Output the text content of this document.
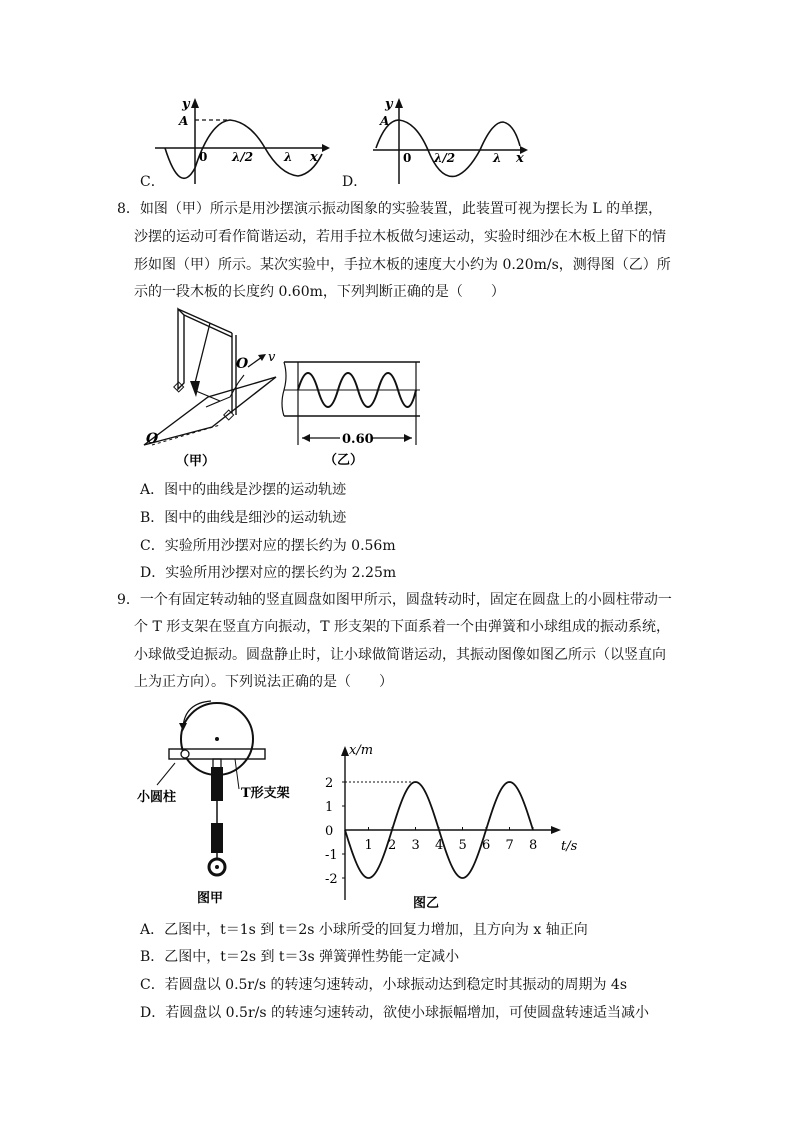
y
A
0 λ/2	λ x
C．
y
A
0 λ/2	λ x
D．
8．如图（甲）所示是用沙摆演示振动图象的实验装置，此装置可视为摆长为 L 的单摆，
沙摆的运动可看作简谐运动，若用手拉木板做匀速运动，实验时细沙在木板上留下的情
形如图（甲）所示。某次实验中，手拉木板的速度大小约为 0.20m/s，测得图（乙）所
示的一段木板的长度约 0.60m，下列判断正确的是（　　）
O v
O
（甲）
0.60
（乙）
A．图中的曲线是沙摆的运动轨迹
B．图中的曲线是细沙的运动轨迹
C．实验所用沙摆对应的摆长约为 0.56m
D．实验所用沙摆对应的摆长约为 2.25m
9．一个有固定转动轴的竖直圆盘如图甲所示，圆盘转动时，固定在圆盘上的小圆柱带动一
个 T 形支架在竖直方向振动，T 形支架的下面系着一个由弹簧和小球组成的振动系统，
小球做受迫振动。圆盘静止时，让小球做简谐运动，其振动图像如图乙所示（以竖直向
上为正方向）。下列说法正确的是（　　）
小圆柱	T形支架
图甲
x/m
t/s
2
1
0
-1
-2
1 2 3 4 5 6 7 8
图乙
A．乙图中，t＝1s 到 t＝2s 小球所受的回复力增加，且方向为 x 轴正向
B．乙图中，t＝2s 到 t＝3s 弹簧弹性势能一定减小
C．若圆盘以 0.5r/s 的转速匀速转动，小球振动达到稳定时其振动的周期为 4s
D．若圆盘以 0.5r/s 的转速匀速转动，欲使小球振幅增加，可使圆盘转速适当减小
